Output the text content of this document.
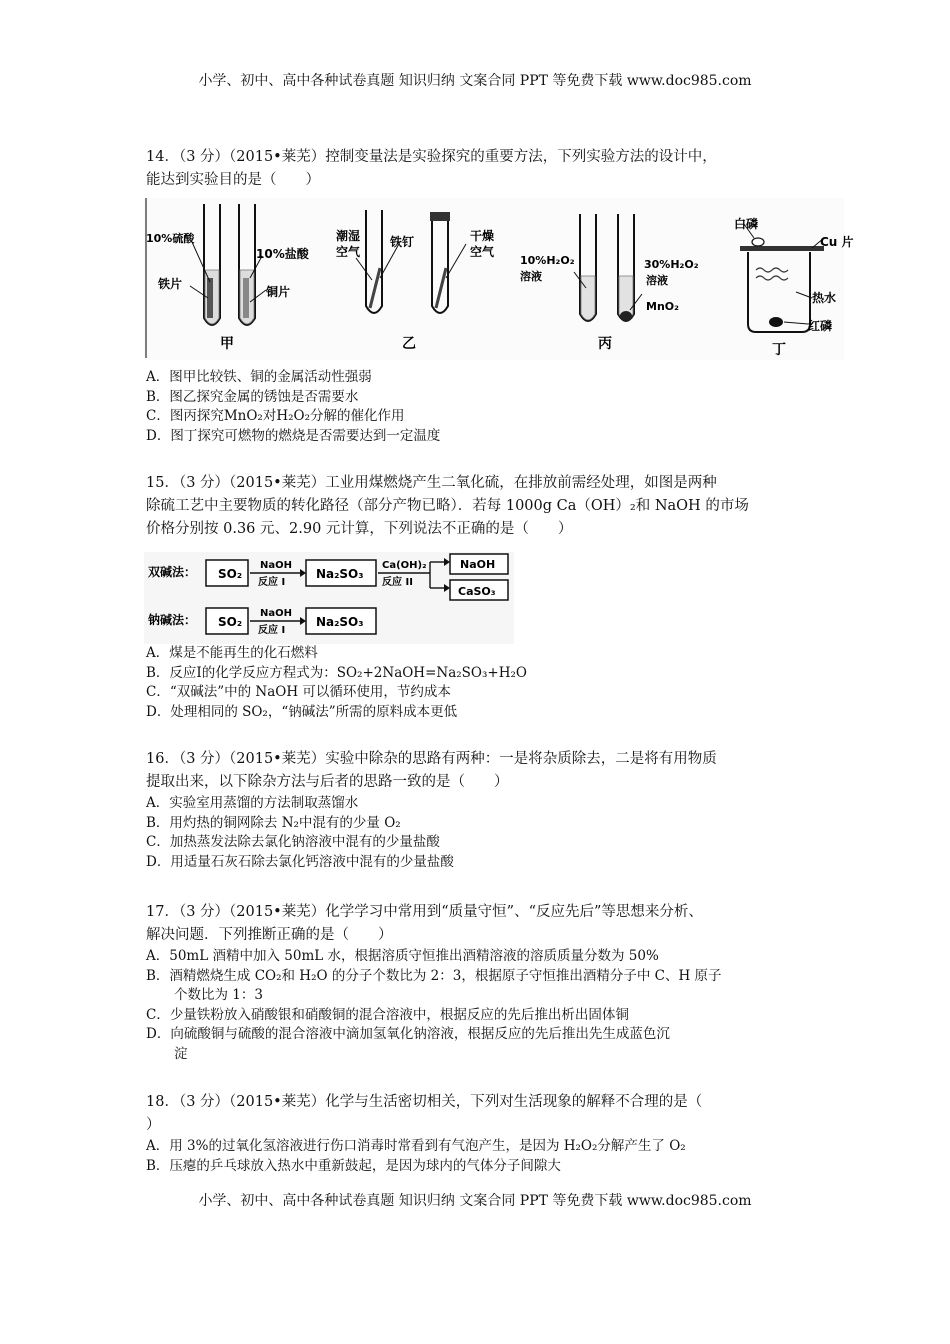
小学、初中、高中各种试卷真题 知识归纳 文案合同 PPT 等免费下载 www.doc985.com

14．（3 分）（2015•莱芜）控制变量法是实验探究的重要方法，下列实验方法的设计中，

能达到实验目的是（　　）

10%硫酸
10%盐酸
铁片
铜片
甲
潮湿
空气
铁钉	干燥
空气
乙
10%H₂O₂
溶液
30%H₂O₂
溶液
MnO₂
丙
白磷
Cu 片
热水
红磷
丁

A．图甲比较铁、铜的金属活动性强弱

B．图乙探究金属的锈蚀是否需要水

C．图丙探究MnO₂对H₂O₂分解的催化作用

D．图丁探究可燃物的燃烧是否需要达到一定温度

15．（3 分）（2015•莱芜）工业用煤燃烧产生二氧化硫，在排放前需经处理，如图是两种

除硫工艺中主要物质的转化路径（部分产物已略）．若每 1000g Ca（OH）₂和 NaOH 的市场

价格分别按 0.36 元、2.90 元计算，下列说法不正确的是（　　）

双碱法： SO₂
NaOH
反应 I
Na₂SO₃
Ca(OH)₂
反应 II
NaOH
CaSO₃
钠碱法： SO₂
NaOH
反应 I
Na₂SO₃

A．煤是不能再生的化石燃料

B．反应Ⅰ的化学反应方程式为：SO₂+2NaOH=Na₂SO₃+H₂O

C．“双碱法”中的 NaOH 可以循环使用，节约成本

D．处理相同的 SO₂，“钠碱法”所需的原料成本更低

16．（3 分）（2015•莱芜）实验中除杂的思路有两种：一是将杂质除去，二是将有用物质

提取出来，以下除杂方法与后者的思路一致的是（　　）

A．实验室用蒸馏的方法制取蒸馏水

B．用灼热的铜网除去 N₂中混有的少量 O₂

C．加热蒸发法除去氯化钠溶液中混有的少量盐酸

D．用适量石灰石除去氯化钙溶液中混有的少量盐酸

17．（3 分）（2015•莱芜）化学学习中常用到“质量守恒”、“反应先后”等思想来分析、

解决问题．下列推断正确的是（　　）

A．50mL 酒精中加入 50mL 水，根据溶质守恒推出酒精溶液的溶质质量分数为 50%

B．酒精燃烧生成 CO₂和 H₂O 的分子个数比为 2：3，根据原子守恒推出酒精分子中 C、H 原子

个数比为 1：3

C．少量铁粉放入硝酸银和硝酸铜的混合溶液中，根据反应的先后推出析出固体铜

D．向硫酸铜与硫酸的混合溶液中滴加氢氧化钠溶液，根据反应的先后推出先生成蓝色沉

淀

18．（3 分）（2015•莱芜）化学与生活密切相关，下列对生活现象的解释不合理的是（

）

A．用 3%的过氧化氢溶液进行伤口消毒时常看到有气泡产生，是因为 H₂O₂分解产生了 O₂

B．压瘪的乒乓球放入热水中重新鼓起，是因为球内的气体分子间隙大

小学、初中、高中各种试卷真题 知识归纳 文案合同 PPT 等免费下载 www.doc985.com
